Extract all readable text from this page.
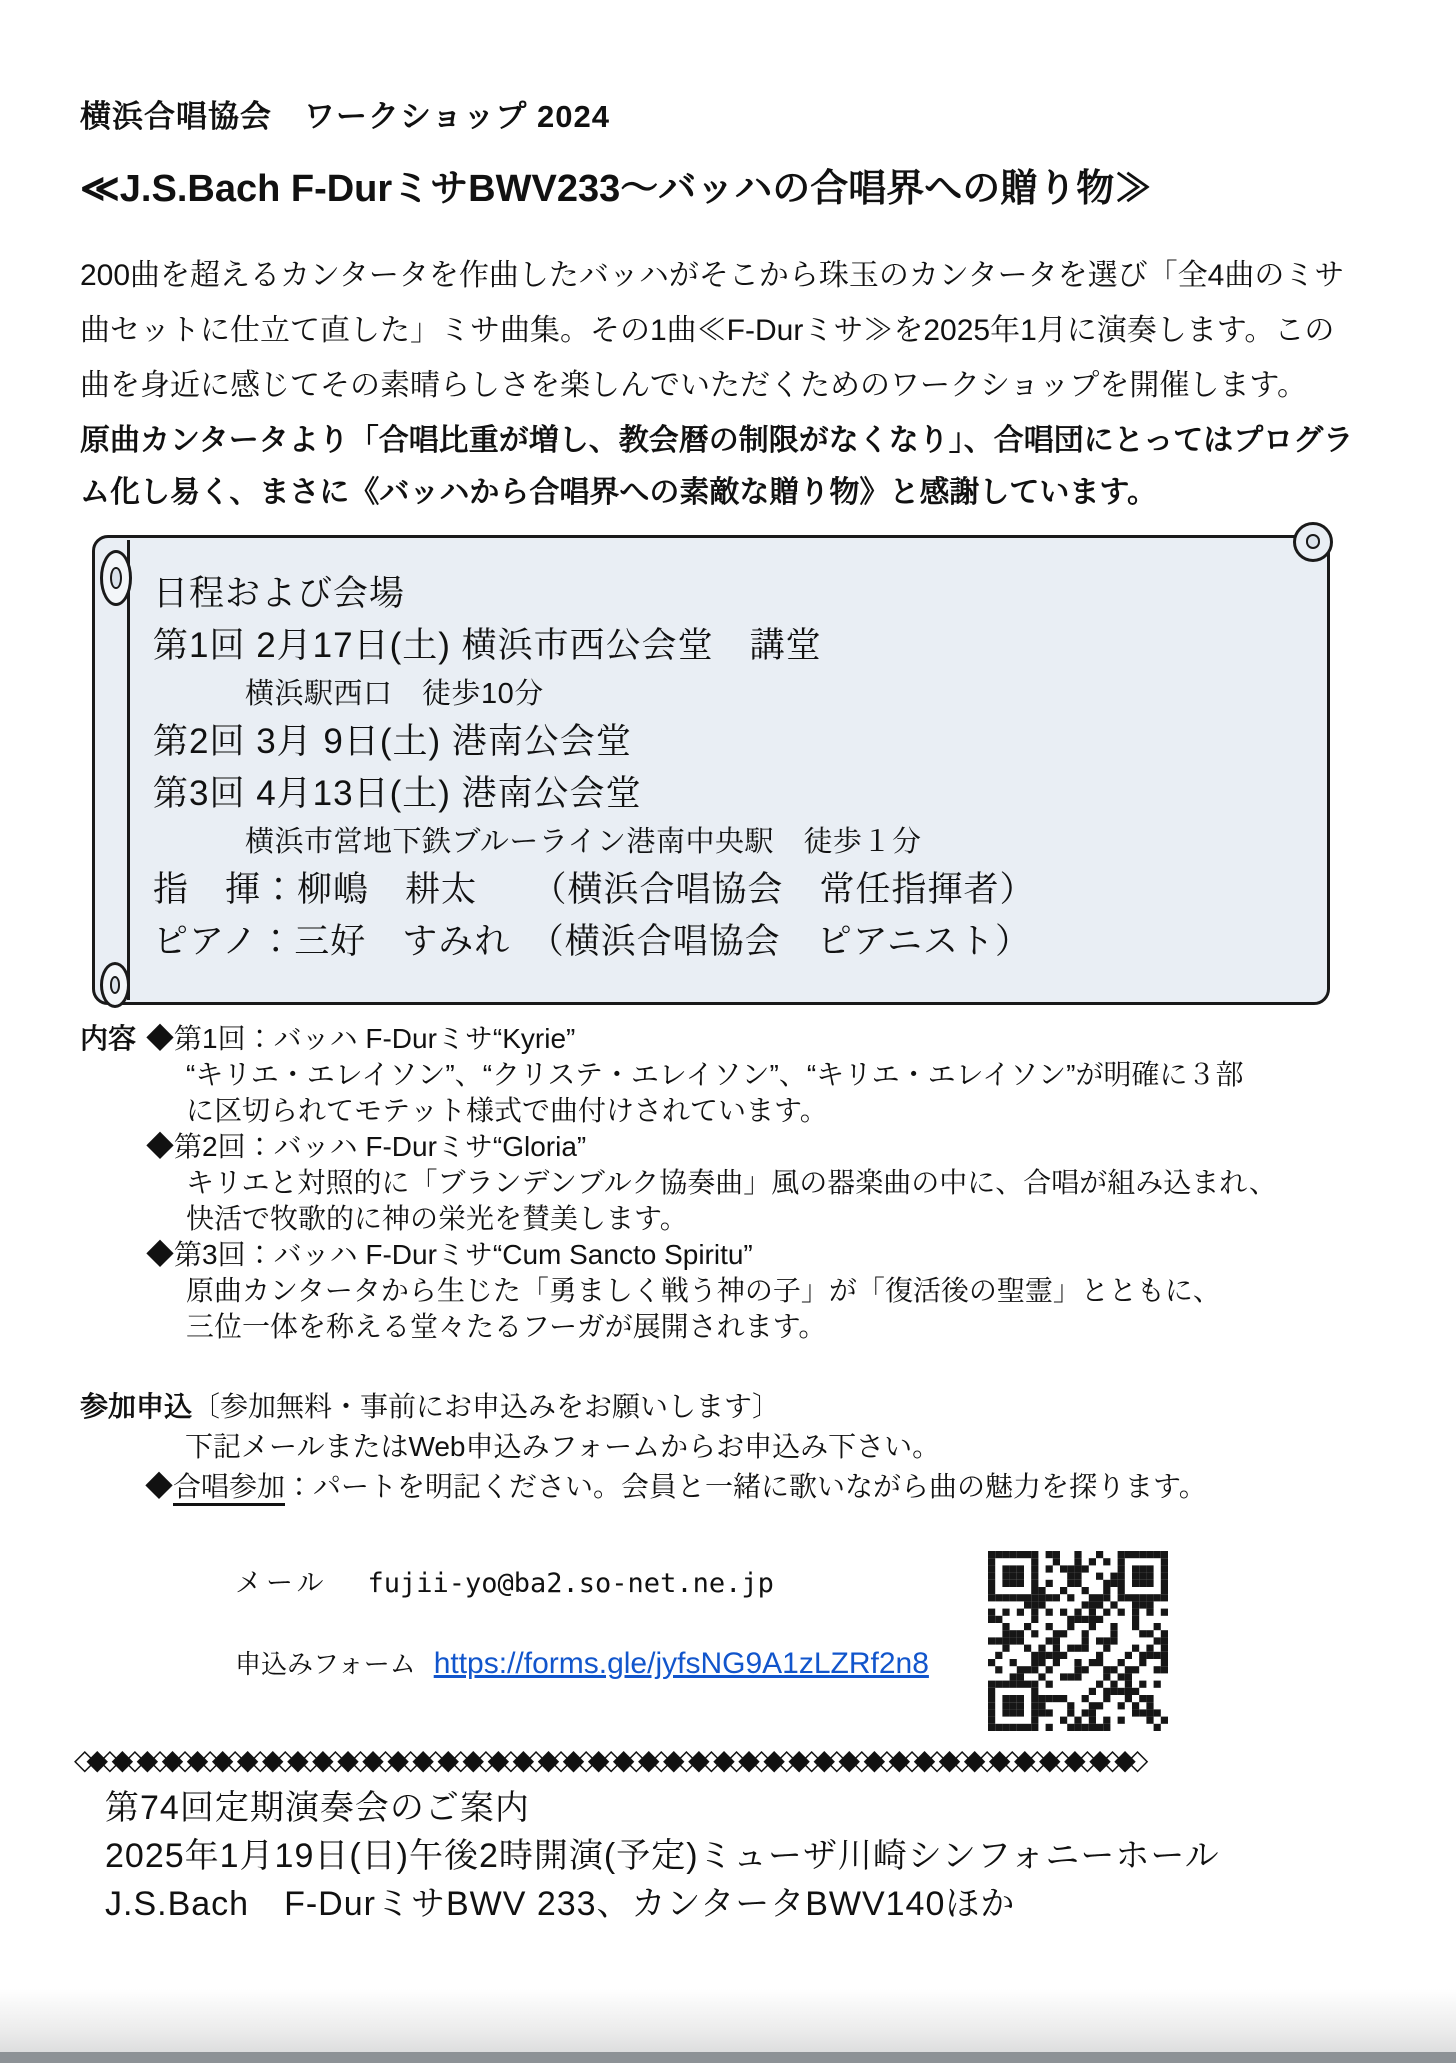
横浜合唱協会　ワークショップ 2024
≪J.S.Bach F-DurミサBWV233～バッハの合唱界への贈り物≫
200曲を超えるカンタータを作曲したバッハがそこから珠玉のカンタータを選び「全4曲のミサ
曲セットに仕立て直した」ミサ曲集。その1曲≪F-Durミサ≫を2025年1月に演奏します。この
曲を身近に感じてその素晴らしさを楽しんでいただくためのワークショップを開催します。
原曲カンタータより「合唱比重が増し、教会暦の制限がなくなり」、合唱団にとってはプログラ
ム化し易く、まさに《バッハから合唱界への素敵な贈り物》と感謝しています。
日程および会場
第1回 2月17日(土) 横浜市西公会堂　講堂
横浜駅西口　徒歩10分
第2回 3月 9日(土) 港南公会堂
第3回 4月13日(土) 港南公会堂
横浜市営地下鉄ブルーライン港南中央駅　徒歩１分
指　揮：柳嶋　耕太　　（横浜合唱協会　常任指揮者）
ピアノ：三好　すみれ　（横浜合唱協会　ピアニスト）
内容 ◆第1回：バッハ F-Durミサ“Kyrie”
“キリエ・エレイソン”、“クリステ・エレイソン”、“キリエ・エレイソン”が明確に３部
に区切られてモテット様式で曲付けされています。
◆第2回：バッハ F-Durミサ“Gloria”
キリエと対照的に「ブランデンブルク協奏曲」風の器楽曲の中に、合唱が組み込まれ、
快活で牧歌的に神の栄光を賛美します。
◆第3回：バッハ F-Durミサ“Cum Sancto Spiritu”
原曲カンタータから生じた「勇ましく戦う神の子」が「復活後の聖霊」とともに、
三位一体を称える堂々たるフーガが展開されます。
参加申込〔参加無料・事前にお申込みをお願いします〕
下記メールまたはWeb申込みフォームからお申込み下さい。
◆合唱参加：パートを明記ください。会員と一緒に歌いながら曲の魅力を探ります。
メール fujii-yo@ba2.so-net.ne.jp
申込みフォーム https://forms.gle/jyfsNG9A1zLZRf2n8
◇◆◇◆◇◆◇◆◇◆◇◆◇◆◇◆◇◆◇◆◇◆◇◆◇◆◇◆◇◆◇◆◇◆◇◆◇◆◇◆◇◆◇◆◇◆◇◆◇◆◇◆◇◆◇◆◇◆◇◆◇◆◇◆◇◆◇◆◇◆◇◆◇◆◇◆◇◆◇◆◇◆◇◆◇
第74回定期演奏会のご案内
2025年1月19日(日)午後2時開演(予定)ミューザ川崎シンフォニーホール
J.S.Bach　F-DurミサBWV 233、カンタータBWV140ほか
